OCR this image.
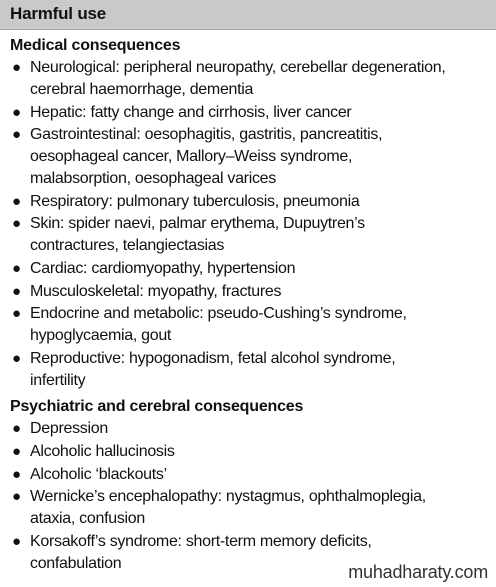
Harmful use
Medical consequences
● Neurological: peripheral neuropathy, cerebellar degeneration,
cerebral haemorrhage, dementia
● Hepatic: fatty change and cirrhosis, liver cancer
● Gastrointestinal: oesophagitis, gastritis, pancreatitis,
oesophageal cancer, Mallory–Weiss syndrome,
malabsorption, oesophageal varices
● Respiratory: pulmonary tuberculosis, pneumonia
● Skin: spider naevi, palmar erythema, Dupuytren’s
contractures, telangiectasias
● Cardiac: cardiomyopathy, hypertension
● Musculoskeletal: myopathy, fractures
● Endocrine and metabolic: pseudo-Cushing’s syndrome,
hypoglycaemia, gout
● Reproductive: hypogonadism, fetal alcohol syndrome,
infertility
Psychiatric and cerebral consequences
● Depression
● Alcoholic hallucinosis
● Alcoholic ‘blackouts’
● Wernicke’s encephalopathy: nystagmus, ophthalmoplegia,
ataxia, confusion
● Korsakoff’s syndrome: short-term memory deficits,
confabulation	muhadharaty.com
